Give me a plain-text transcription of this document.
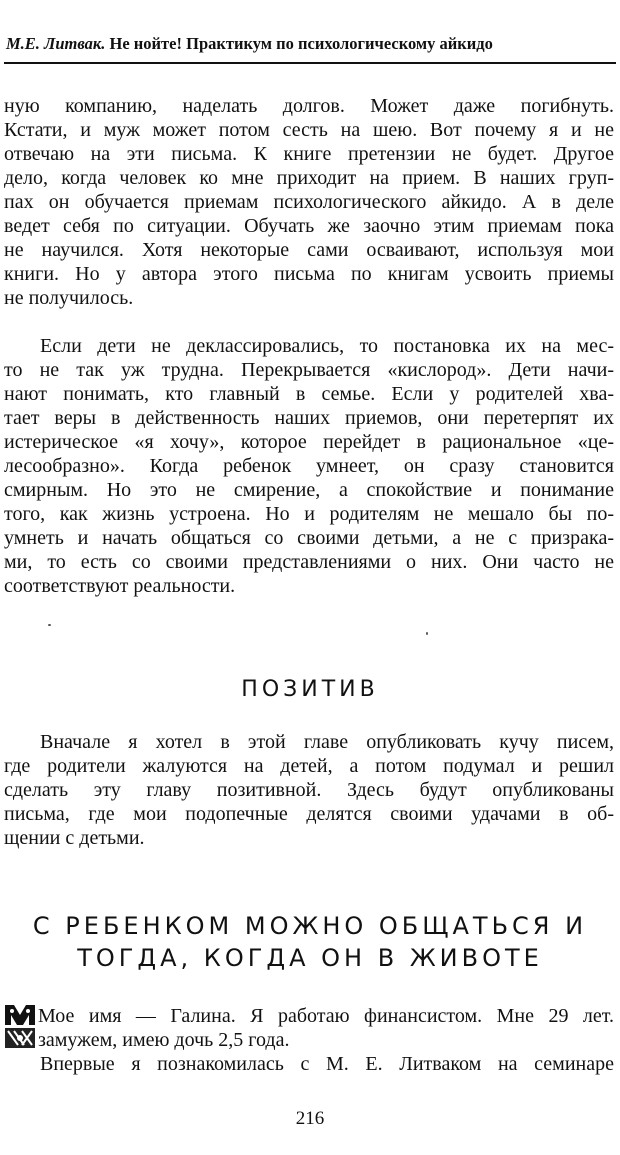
М.Е. Литвак. Не нойте! Практикум по психологическому айкидо
ную компанию, наделать долгов. Может даже погибнуть.
Кстати, и муж может потом сесть на шею. Вот почему я и не
отвечаю на эти письма. К книге претензии не будет. Другое
дело, когда человек ко мне приходит на прием. В наших груп-
пах он обучается приемам психологического айкидо. А в деле
ведет себя по ситуации. Обучать же заочно этим приемам пока
не научился. Хотя некоторые сами осваивают, используя мои
книги. Но у автора этого письма по книгам усвоить приемы
не получилось.
Если дети не деклассировались, то постановка их на мес-
то не так уж трудна. Перекрывается «кислород». Дети начи-
нают понимать, кто главный в семье. Если у родителей хва-
тает веры в действенность наших приемов, они перетерпят их
истерическое «я хочу», которое перейдет в рациональное «це-
лесообразно». Когда ребенок умнеет, он сразу становится
смирным. Но это не смирение, а спокойствие и понимание
того, как жизнь устроена. Но и родителям не мешало бы по-
умнеть и начать общаться со своими детьми, а не с призрака-
ми, то есть со своими представлениями о них. Они часто не
соответствуют реальности.
ПОЗИТИВ
Вначале я хотел в этой главе опубликовать кучу писем,
где родители жалуются на детей, а потом подумал и решил
сделать эту главу позитивной. Здесь будут опубликованы
письма, где мои подопечные делятся своими удачами в об-
щении с детьми.
С РЕБЕНКОМ МОЖНО ОБЩАТЬСЯ И
ТОГДА, КОГДА ОН В ЖИВОТЕ
Мое имя — Галина. Я работаю финансистом. Мне 29 лет.
замужем, имею дочь 2,5 года.
Впервые я познакомилась с М. Е. Литваком на семинаре
216
